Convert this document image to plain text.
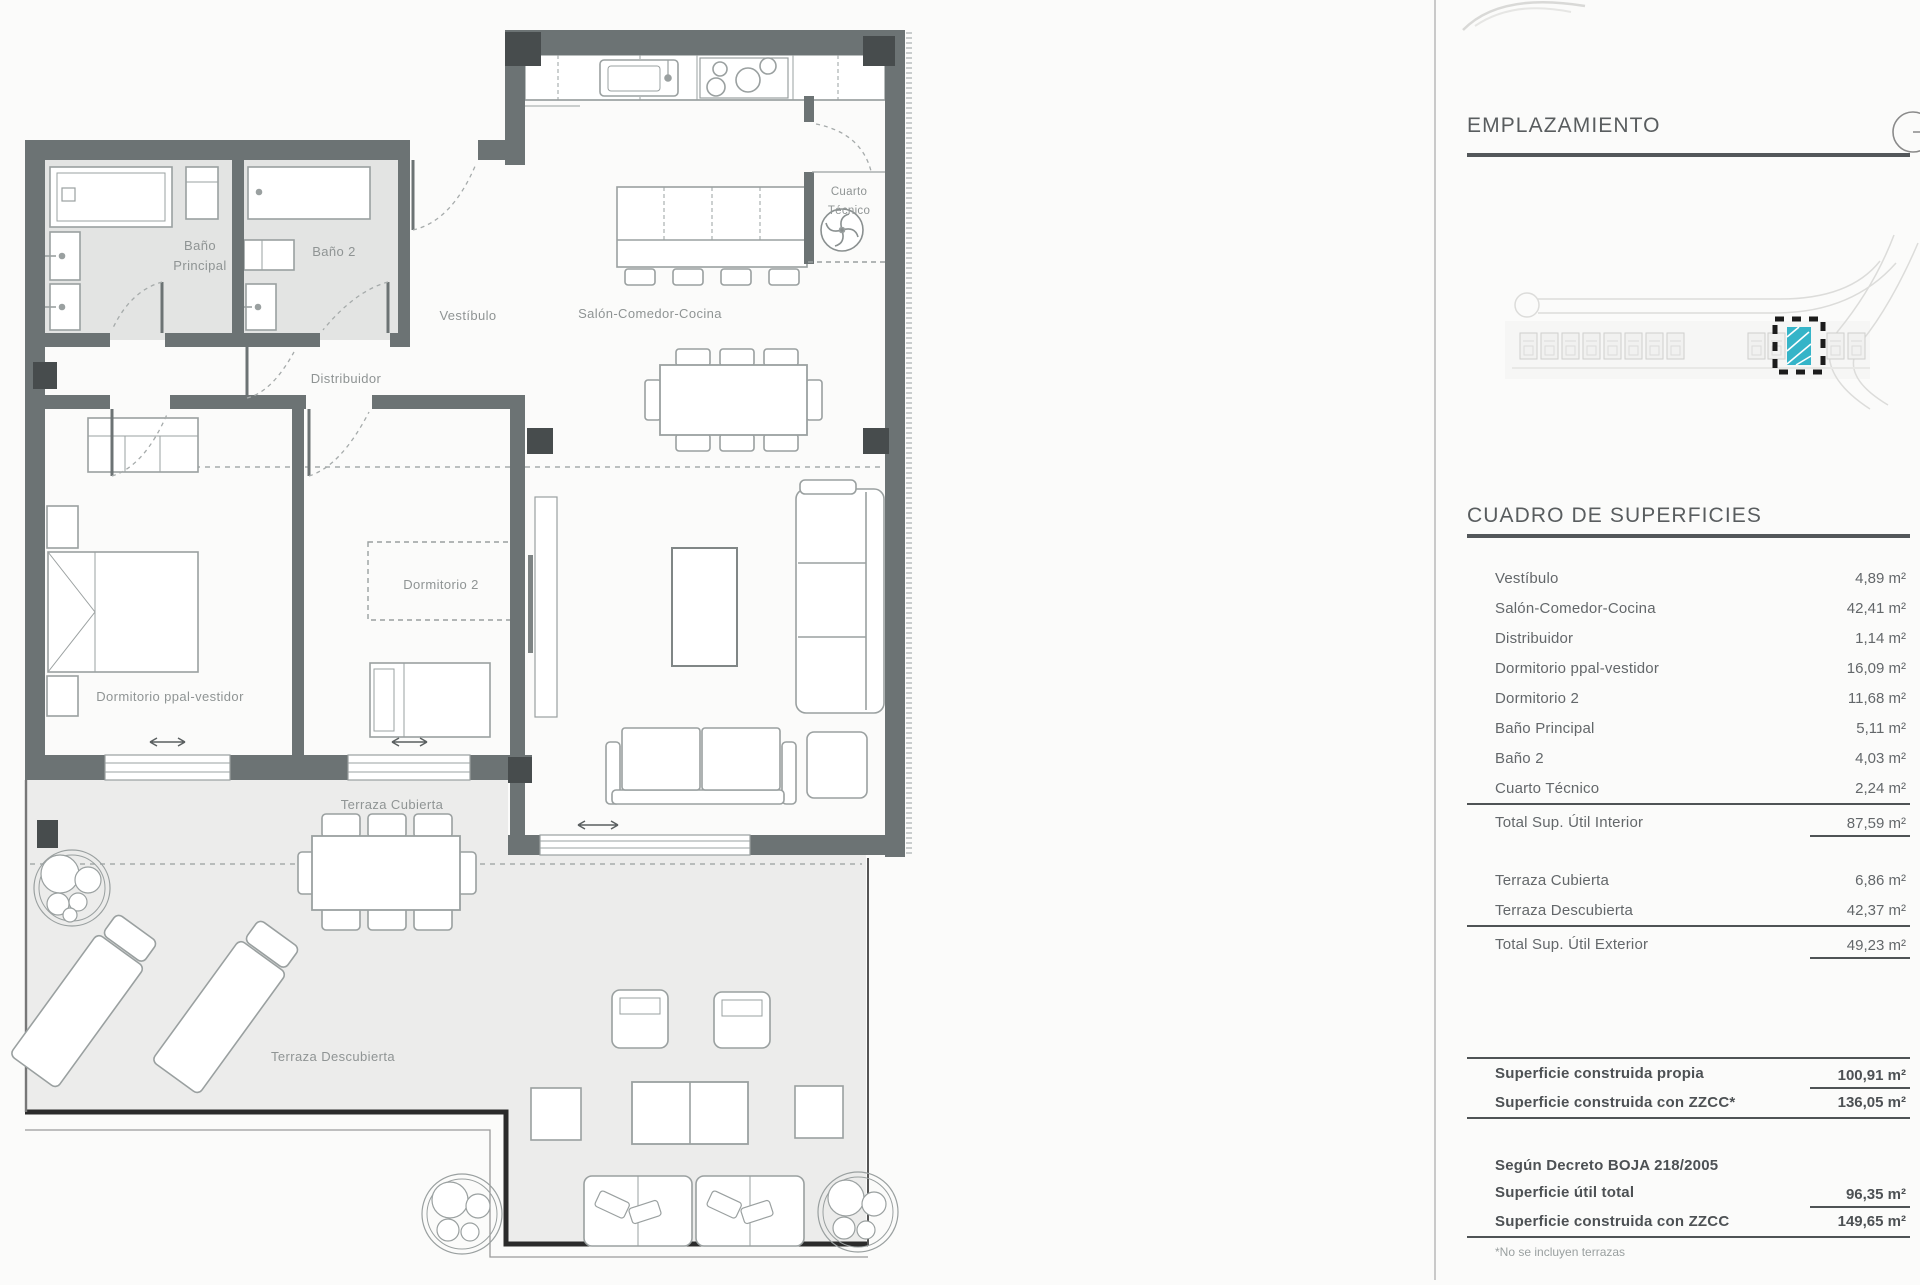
Baño
Principal
Baño 2
Vestíbulo	Salón-Comedor-Cocina
Cuarto
Técnico
Distribuidor
Dormitorio 2
Dormitorio ppal-vestidor
Terraza Cubierta
Terraza Descubierta
EMPLAZAMIENTO
CUADRO DE SUPERFICIES
Vestíbulo	4,89 m²
Salón-Comedor-Cocina	42,41 m²
Distribuidor	1,14 m²
Dormitorio ppal-vestidor	16,09 m²
Dormitorio 2	11,68 m²
Baño Principal	5,11 m²
Baño 2	4,03 m²
Cuarto Técnico	2,24 m²
Total Sup. Útil Interior	87,59 m²
Terraza Cubierta	6,86 m²
Terraza Descubierta	42,37 m²
Total Sup. Útil Exterior	49,23 m²
Superficie construida propia	100,91 m²
Superficie construida con ZZCC*	136,05 m²
Según Decreto BOJA 218/2005
Superficie útil total	96,35 m²
Superficie construida con ZZCC	149,65 m²
*No se incluyen terrazas
